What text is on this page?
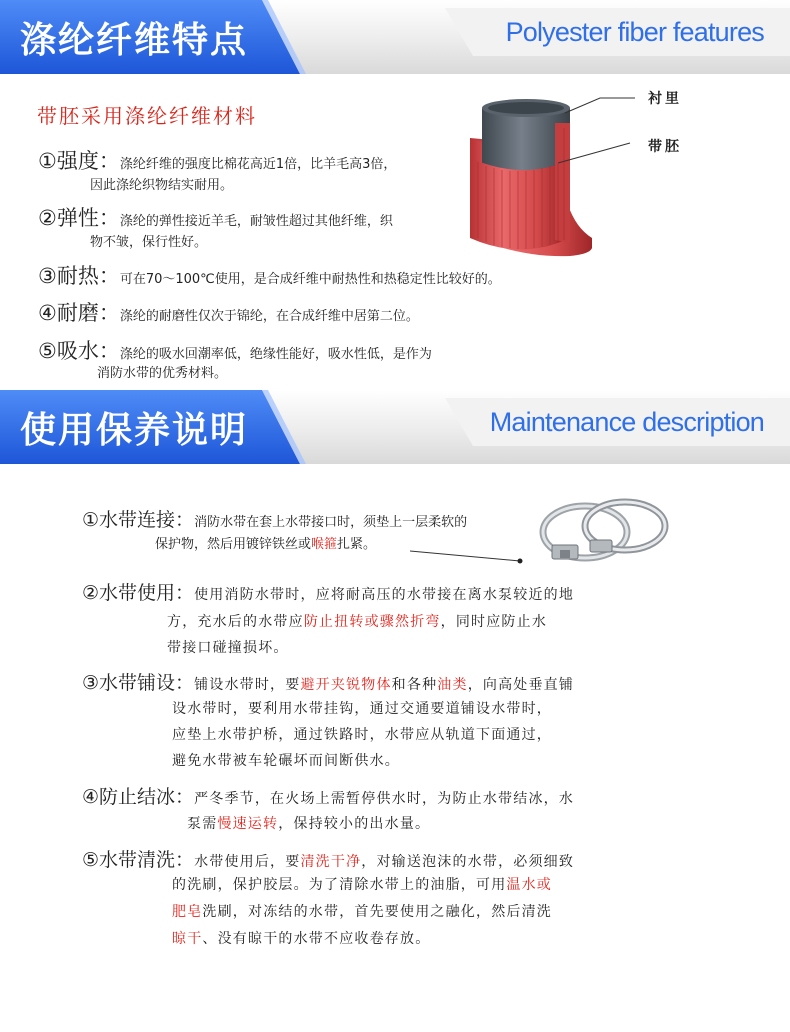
涤纶纤维特点	Polyester fiber features
带胚采用涤纶纤维材料
①强度：涤纶纤维的强度比棉花高近1倍，比羊毛高3倍，
因此涤纶织物结实耐用。
②弹性：涤纶的弹性接近羊毛，耐皱性超过其他纤维，织
物不皱，保行性好。
③耐热：可在70～100℃使用，是合成纤维中耐热性和热稳定性比较好的。
④耐磨：涤纶的耐磨性仅次于锦纶，在合成纤维中居第二位。
⑤吸水：涤纶的吸水回潮率低，绝缘性能好，吸水性低，是作为
消防水带的优秀材料。
衬里
带胚
使用保养说明	Maintenance description
①水带连接：消防水带在套上水带接口时，须垫上一层柔软的
保护物，然后用镀锌铁丝或喉箍扎紧。
②水带使用：使用消防水带时，应将耐高压的水带接在离水泵较近的地
方，充水后的水带应防止扭转或骤然折弯，同时应防止水
带接口碰撞损坏。
③水带铺设：铺设水带时，要避开夹锐物体和各种油类，向高处垂直铺
设水带时，要利用水带挂钩，通过交通要道铺设水带时，
应垫上水带护桥，通过铁路时，水带应从轨道下面通过，
避免水带被车轮碾坏而间断供水。
④防止结冰：严冬季节，在火场上需暂停供水时，为防止水带结冰，水
泵需慢速运转，保持较小的出水量。
⑤水带清洗：水带使用后，要清洗干净，对输送泡沫的水带，必须细致
的洗刷，保护胶层。为了清除水带上的油脂，可用温水或
肥皂洗刷，对冻结的水带，首先要使用之融化，然后清洗
晾干、没有晾干的水带不应收卷存放。
